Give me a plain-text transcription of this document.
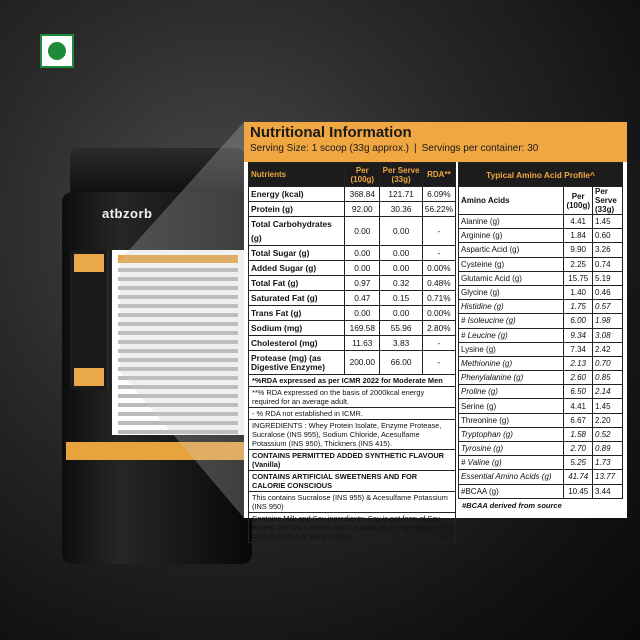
atbzorb
Nutritional Information
Serving Size: 1 scoop (33g approx.) | Servings per container: 30
Nutrients	Per (100g)	Per Serve (33g)	RDA**
Energy (kcal)	368.84	121.71	6.09%
Protein (g)	92.00	30.36	56.22%
Total Carbohydrates (g)	0.00	0.00	-
Total Sugar (g)	0.00	0.00	-
Added Sugar (g)	0.00	0.00	0.00%
Total Fat (g)	0.97	0.32	0.48%
Saturated Fat (g)	0.47	0.15	0.71%
Trans Fat (g)	0.00	0.00	0.00%
Sodium (mg)	169.58	55.96	2.80%
Cholesterol (mg)	11.63	3.83	-
Protease (mg) (as Digestive Enzyme)	200.00	66.00	-
*%RDA expressed as per ICMR 2022 for Moderate Men
**% RDA expressed on the basis of 2000kcal energy required for an average adult.
- % RDA not established in ICMR.
INGREDIENTS : Whey Protein Isolate, Enzyme Protease, Sucralose (INS 955), Sodium Chloride, Acesulfame Potassium (INS 950), Thickners (INS 415).
CONTAINS PERMITTED ADDED SYNTHETIC FLAVOUR (Vanilla)
CONTAINS ARTIFICIAL SWEETNERS AND FOR CALORIE CONSCIOUS
This contains Sucralose (INS 955) & Acesulfame Potassium (INS 950)
Contains Milk and Soy ingredients: Soy is not form of Soy Protein but Soy Lecithin which is used as an ingredient in the manufacturing of whey protein.
Typical Amino Acid Profile^		
Amino Acids	Per (100g)	Per Serve (33g)
Alanine (g)	4.41	1.45
Arginine (g)	1.84	0.60
Aspartic Acid (g)	9.90	3.26
Cysteine (g)	2.25	0.74
Glutamic Acid (g)	15.75	5.19
Glycine (g)	1.40	0.46
Histidine (g)	1.75	0.57
# Isoleucine (g)	6.00	1.98
# Leucine (g)	9.34	3.08
Lysine (g)	7.34	2.42
Methionine (g)	2.13	0.70
Phenylalanine (g)	2.60	0.85
Proline (g)	6.50	2.14
Serine (g)	4.41	1.45
Threonine (g)	6.67	2.20
Tryptophan (g)	1.58	0.52
Tyrosine (g)	2.70	0.89
# Valine (g)	5.25	1.73
Essential Amino Acids (g)	41.74	13.77
#BCAA (g)	10.45	3.44
#BCAA derived from source
